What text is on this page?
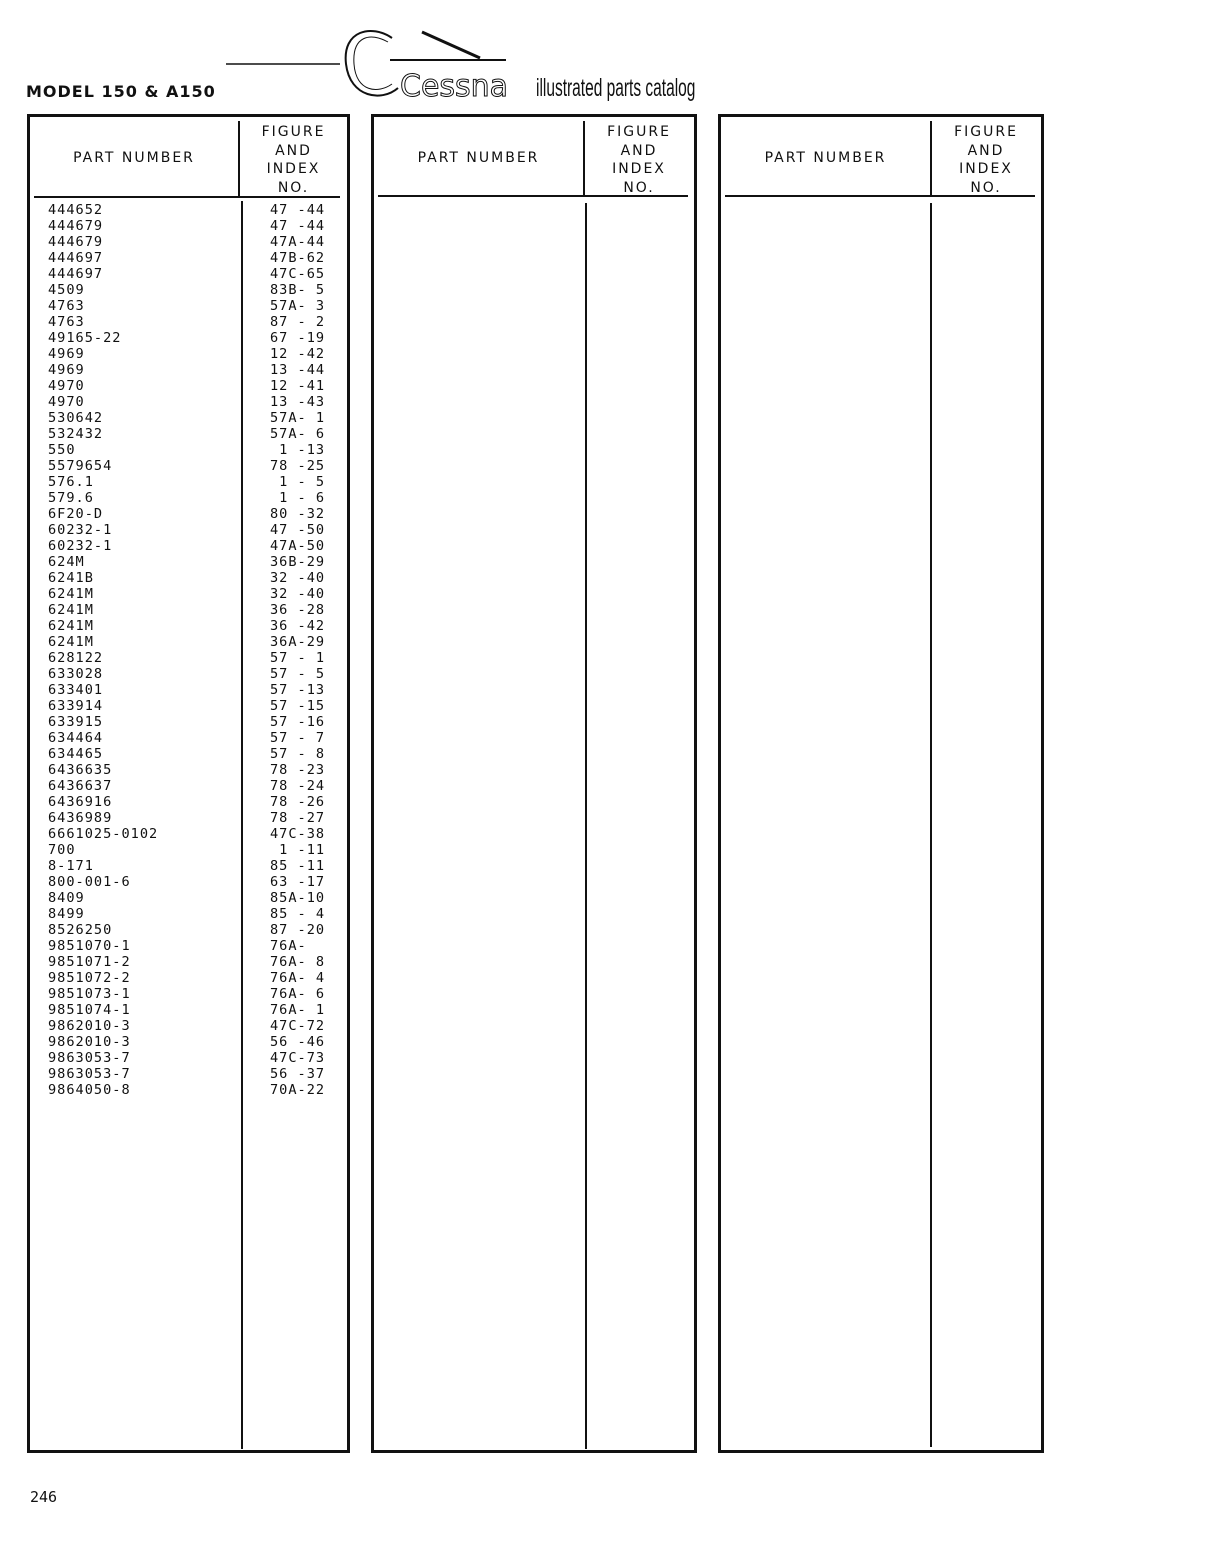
MODEL 150 & A150	Cessna illustrated parts catalog
PART NUMBER
FIGURE
AND
INDEX
NO.
444652	47 -44
444679	47 -44
444679	47A-44
444697	47B-62
444697	47C-65
4509	83B- 5
4763	57A- 3
4763	87 - 2
49165-22	67 -19
4969	12 -42
4969	13 -44
4970	12 -41
4970	13 -43
530642	57A- 1
532432	57A- 6
550	1 -13
5579654	78 -25
576.1	1 - 5
579.6	1 - 6
6F20-D	80 -32
60232-1	47 -50
60232-1	47A-50
624M	36B-29
6241B	32 -40
6241M	32 -40
6241M	36 -28
6241M	36 -42
6241M	36A-29
628122	57 - 1
633028	57 - 5
633401	57 -13
633914	57 -15
633915	57 -16
634464	57 - 7
634465	57 - 8
6436635	78 -23
6436637	78 -24
6436916	78 -26
6436989	78 -27
6661025-0102	47C-38
700	1 -11
8-171	85 -11
800-001-6	63 -17
8409	85A-10
8499	85 - 4
8526250	87 -20
9851070-1	76A-
9851071-2	76A- 8
9851072-2	76A- 4
9851073-1	76A- 6
9851074-1	76A- 1
9862010-3	47C-72
9862010-3	56 -46
9863053-7	47C-73
9863053-7	56 -37
9864050-8	70A-22
PART NUMBER
FIGURE
AND
INDEX
NO.
PART NUMBER
FIGURE
AND
INDEX
NO.
246
